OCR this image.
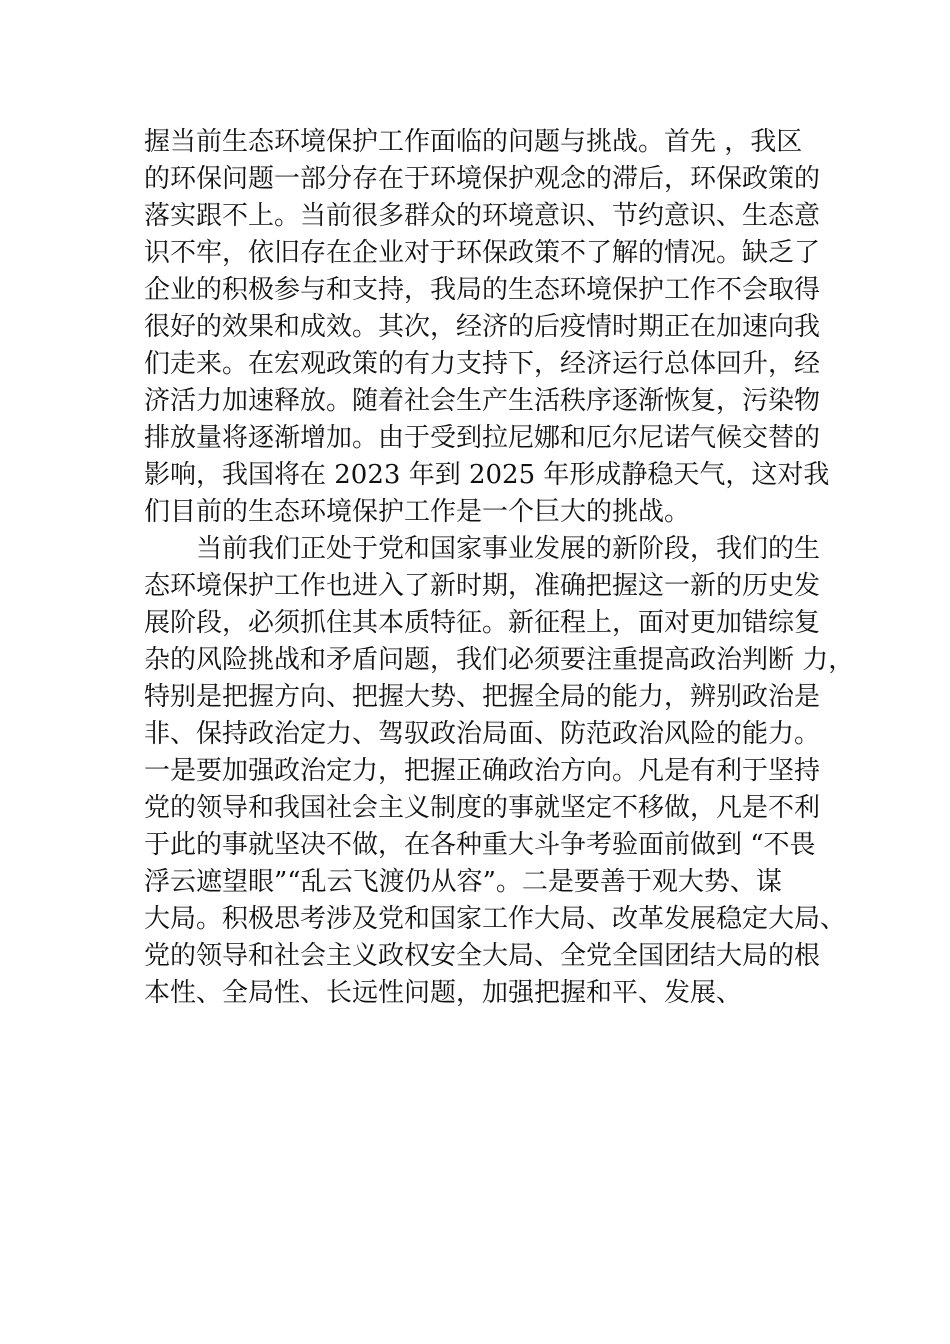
握当前生态环境保护工作面临的问题与挑战。首先 ，我区
的环保问题一部分存在于环境保护观念的滞后，环保政策的
落实跟不上。当前很多群众的环境意识、节约意识、生态意
识不牢，依旧存在企业对于环保政策不了解的情况。缺乏了
企业的积极参与和支持，我局的生态环境保护工作不会取得
很好的效果和成效。其次，经济的后疫情时期正在加速向我
们走来。在宏观政策的有力支持下，经济运行总体回升，经
济活力加速释放。随着社会生产生活秩序逐渐恢复，污染物
排放量将逐渐增加。由于受到拉尼娜和厄尔尼诺气候交替的
影响，我国将在 2023 年到 2025 年形成静稳天气，这对我
们目前的生态环境保护工作是一个巨大的挑战。
当前我们正处于党和国家事业发展的新阶段，我们的生
态环境保护工作也进入了新时期，准确把握这一新的历史发
展阶段，必须抓住其本质特征。新征程上，面对更加错综复
杂的风险挑战和矛盾问题，我们必须要注重提高政治判断 力，
特别是把握方向、把握大势、把握全局的能力，辨别政治是
非、保持政治定力、驾驭政治局面、防范政治风险的能力。
一是要加强政治定力，把握正确政治方向。凡是有利于坚持
党的领导和我国社会主义制度的事就坚定不移做，凡是不利
于此的事就坚决不做，在各种重大斗争考验面前做到 “不畏
浮云遮望眼”“乱云飞渡仍从容”。二是要善于观大势、谋
大局。积极思考涉及党和国家工作大局、改革发展稳定大局、
党的领导和社会主义政权安全大局、全党全国团结大局的根
本性、全局性、长远性问题，加强把握和平、发展、
